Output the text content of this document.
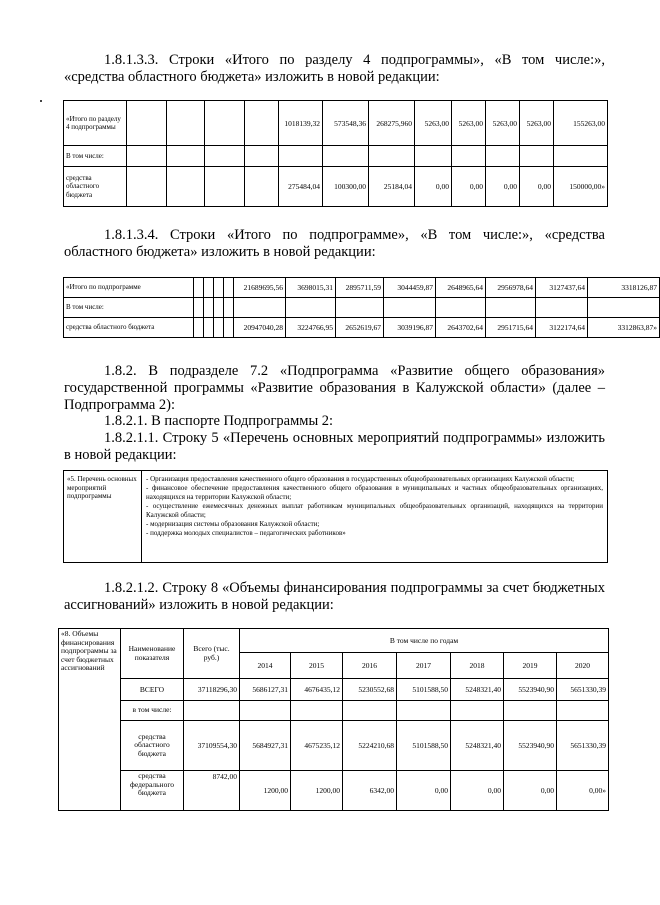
1.8.1.3.3. Строки «Итого по разделу 4 подпрограммы», «В том числе:», «средства областного бюджета» изложить в новой редакции:

«Итого по разделу 4 подпрограммы					1018139,32	573548,36	268275,960	5263,00	5263,00	5263,00	5263,00	155263,00
В том числе:												
средства областного бюджета					275484,04	100300,00	25184,04	0,00	0,00	0,00	0,00	150000,00»

1.8.1.3.4. Строки «Итого по подпрограмме», «В том числе:», «средства областного бюджета» изложить в новой редакции:

«Итого по подпрограмме					21689695,56	3698015,31	2895711,59	3044459,87	2648965,64	2956978,64	3127437,64	3318126,87
В том числе:												
средства областного бюджета					20947040,28	3224766,95	2652619,67	3039196,87	2643702,64	2951715,64	3122174,64	3312863,87»

1.8.2. В подразделе 7.2 «Подпрограмма «Развитие общего образования» государственной программы «Развитие образования в Калужской области» (далее – Подпрограмма 2):

1.8.2.1. В паспорте Подпрограммы 2:

1.8.2.1.1. Строку 5 «Перечень основных мероприятий подпрограммы» изложить в новой редакции:

«5. Перечень основных мероприятий подпрограммы	
- Организация предоставления качественного общего образования в государственных общеобразовательных организациях Калужской области;
- финансовое обеспечение предоставления качественного общего образования в муниципальных и частных общеобразовательных организациях, находящихся на территории Калужской области;
- осуществление ежемесячных денежных выплат работникам муниципальных общеобразовательных организаций, находящихся на территории Калужской области;
- модернизация системы образования Калужской области;
- поддержка молодых специалистов – педагогических работников»

1.8.2.1.2. Строку 8 «Объемы финансирования подпрограммы за счет бюджетных ассигнований» изложить в новой редакции:

«8. Объемы финансирования подпрограммы за счет бюджетных ассигнований	Наименование показателя	Всего (тыс. руб.)	В том числе по годам						
			2014	2015	2016	2017	2018	2019	2020
	ВСЕГО	37118296,30	5686127,31	4676435,12	5230552,68	5101588,50	5248321,40	5523940,90	5651330,39
	в том числе:								
	средства областного бюджета	37109554,30	5684927,31	4675235,12	5224210,68	5101588,50	5248321,40	5523940,90	5651330,39
	средства федерального бюджета	8742,00	1200,00	1200,00	6342,00	0,00	0,00	0,00	0,00»
